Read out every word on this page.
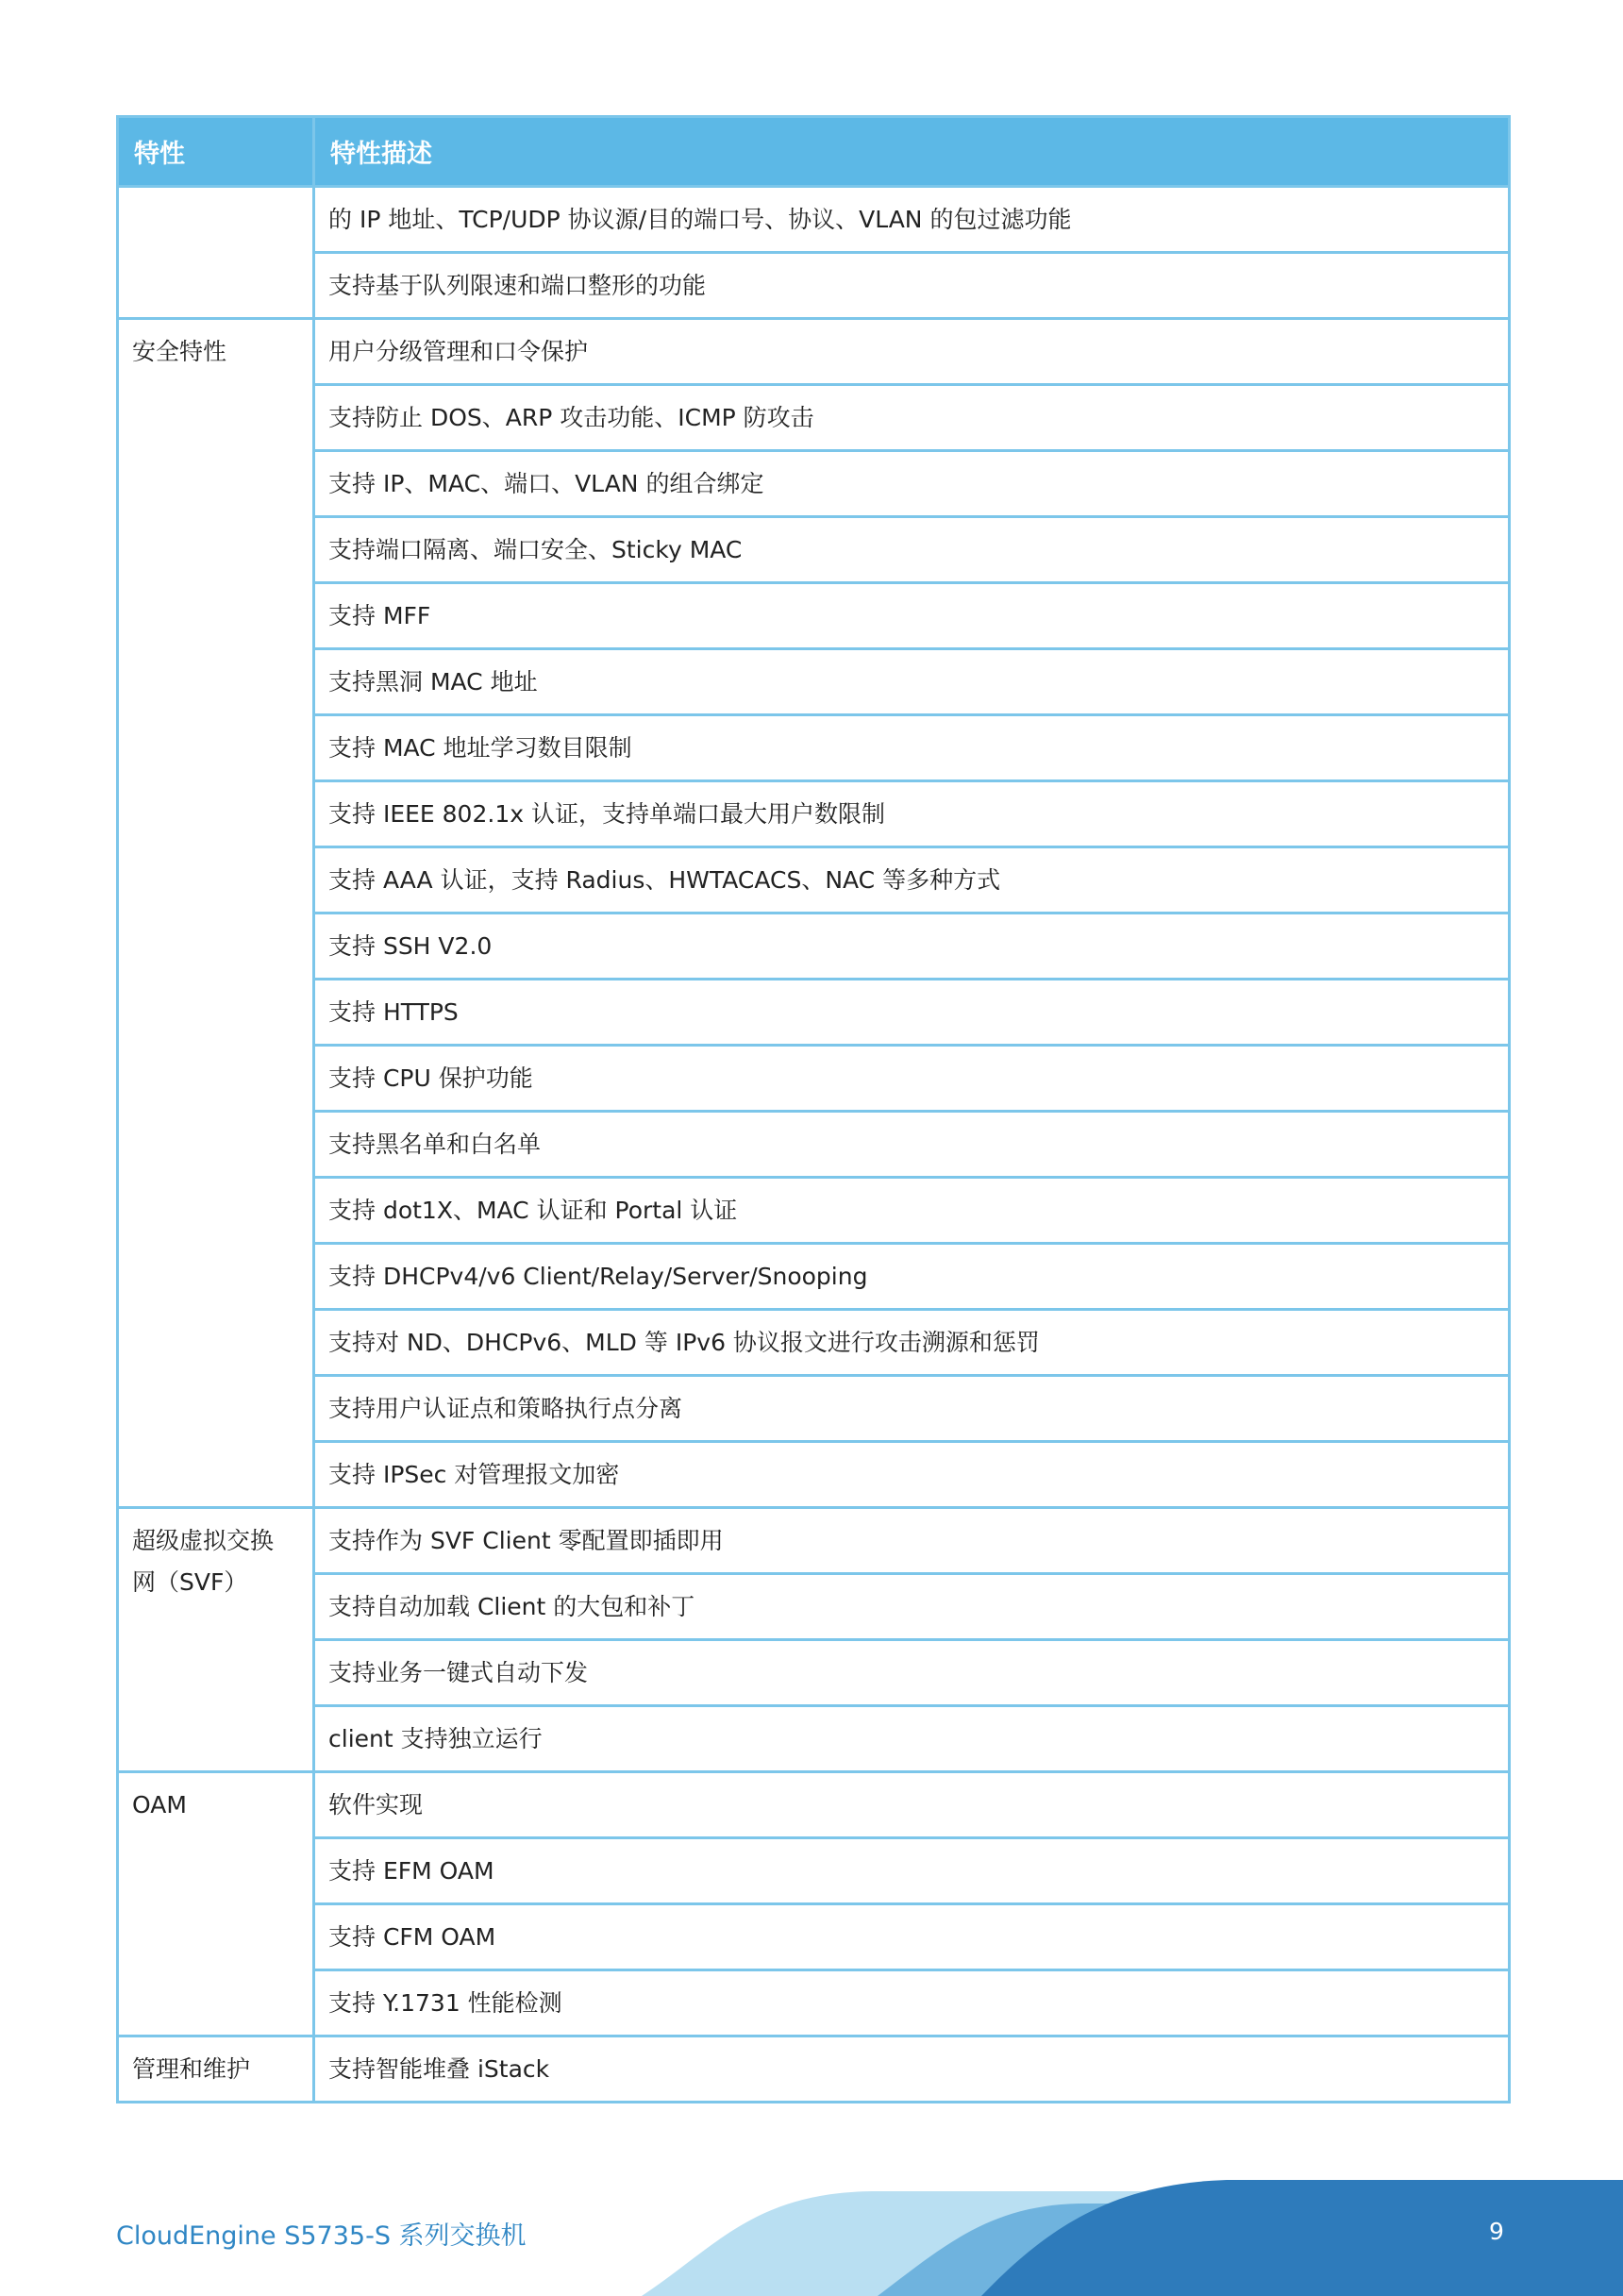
特性	特性描述
	的 IP 地址、TCP/UDP 协议源/目的端口号、协议、VLAN 的包过滤功能
	支持基于队列限速和端口整形的功能
安全特性	用户分级管理和口令保护
	支持防止 DOS、ARP 攻击功能、ICMP 防攻击
	支持 IP、MAC、端口、VLAN 的组合绑定
	支持端口隔离、端口安全、Sticky MAC
	支持 MFF
	支持黑洞 MAC 地址
	支持 MAC 地址学习数目限制
	支持 IEEE 802.1x 认证，支持单端口最大用户数限制
	支持 AAA 认证，支持 Radius、HWTACACS、NAC 等多种方式
	支持 SSH V2.0
	支持 HTTPS
	支持 CPU 保护功能
	支持黑名单和白名单
	支持 dot1X、MAC 认证和 Portal 认证
	支持 DHCPv4/v6 Client/Relay/Server/Snooping
	支持对 ND、DHCPv6、MLD 等 IPv6 协议报文进行攻击溯源和惩罚
	支持用户认证点和策略执行点分离
	支持 IPSec 对管理报文加密

超级虚拟交换
网（SVF）	支持作为 SVF Client 零配置即插即用
	支持自动加载 Client 的大包和补丁
	支持业务一键式自动下发
	client 支持独立运行
OAM	软件实现
	支持 EFM OAM
	支持 CFM OAM
	支持 Y.1731 性能检测
管理和维护	支持智能堆叠 iStack
CloudEngine S5735-S 系列交换机	9
